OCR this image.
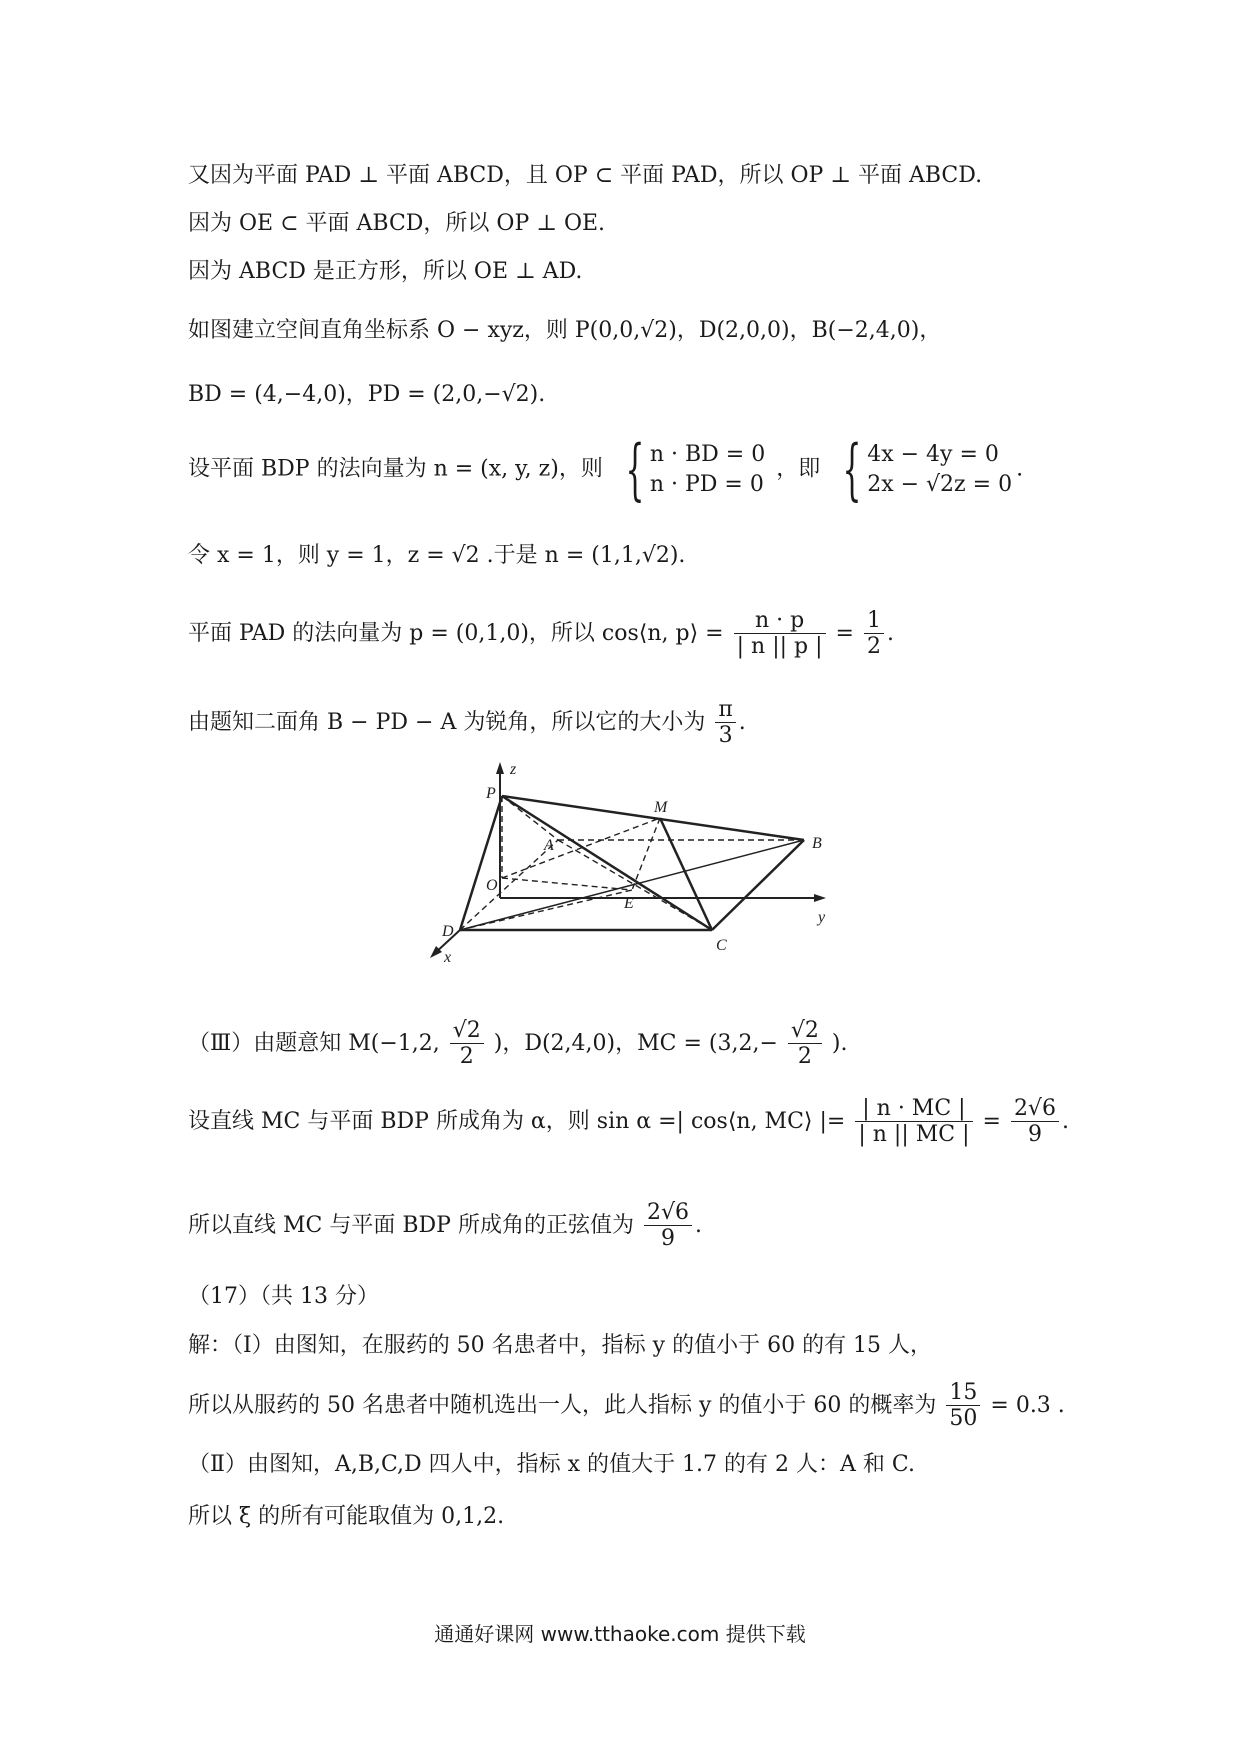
又因为平面 PAD ⊥ 平面 ABCD，且 OP ⊂ 平面 PAD，所以 OP ⊥ 平面 ABCD.
因为 OE ⊂ 平面 ABCD，所以 OP ⊥ OE.
因为 ABCD 是正方形，所以 OE ⊥ AD.
如图建立空间直角坐标系 O − xyz，则 P(0,0,√2)，D(2,0,0)，B(−2,4,0)，
BD = (4,−4,0)，PD = (2,0,−√2).
设平面 BDP 的法向量为 n = (x, y, z)，则 { n · BD = 0
n · PD = 0
，即 { 4x − 4y = 0
2x − √2z = 0
.
令 x = 1，则 y = 1，z = √2 .于是 n = (1,1,√2).
平面 PAD 的法向量为 p = (0,1,0)，所以 cos⟨n, p⟩ = $\frac{n \cdot p}{| n || p |} = \frac{1}{2}$ .
由题知二面角 B − PD − A 为锐角，所以它的大小为 $\frac{\pi}{3}$ .
z
P
M
A	B
O
E
y
D
C
x
（Ⅲ）由题意知 M(−1,2, $\frac{√2}{2}$ )，D(2,4,0)，MC = ($3,2,- \frac{√2}{2}$ ).
设直线 MC 与平面 BDP 所成角为 α，则 sin α =| cos⟨n, MC⟩ |= $\frac{| n \cdot MC |}{| n || MC |} = \frac{2√6}{9}$ .
所以直线 MC 与平面 BDP 所成角的正弦值为 $\frac{2√6}{9}$ .
（17）（共 13 分）
解：（Ⅰ）由图知，在服药的 50 名患者中，指标 y 的值小于 60 的有 15 人，
所以从服药的 50 名患者中随机选出一人，此人指标 y 的值小于 60 的概率为 $\frac{15}{50} = 0.3$ .
（Ⅱ）由图知，A,B,C,D 四人中，指标 x 的值大于 1.7 的有 2 人：A 和 C.
所以 ξ 的所有可能取值为 0,1,2.
通通好课网 www.tthaoke.com 提供下载
